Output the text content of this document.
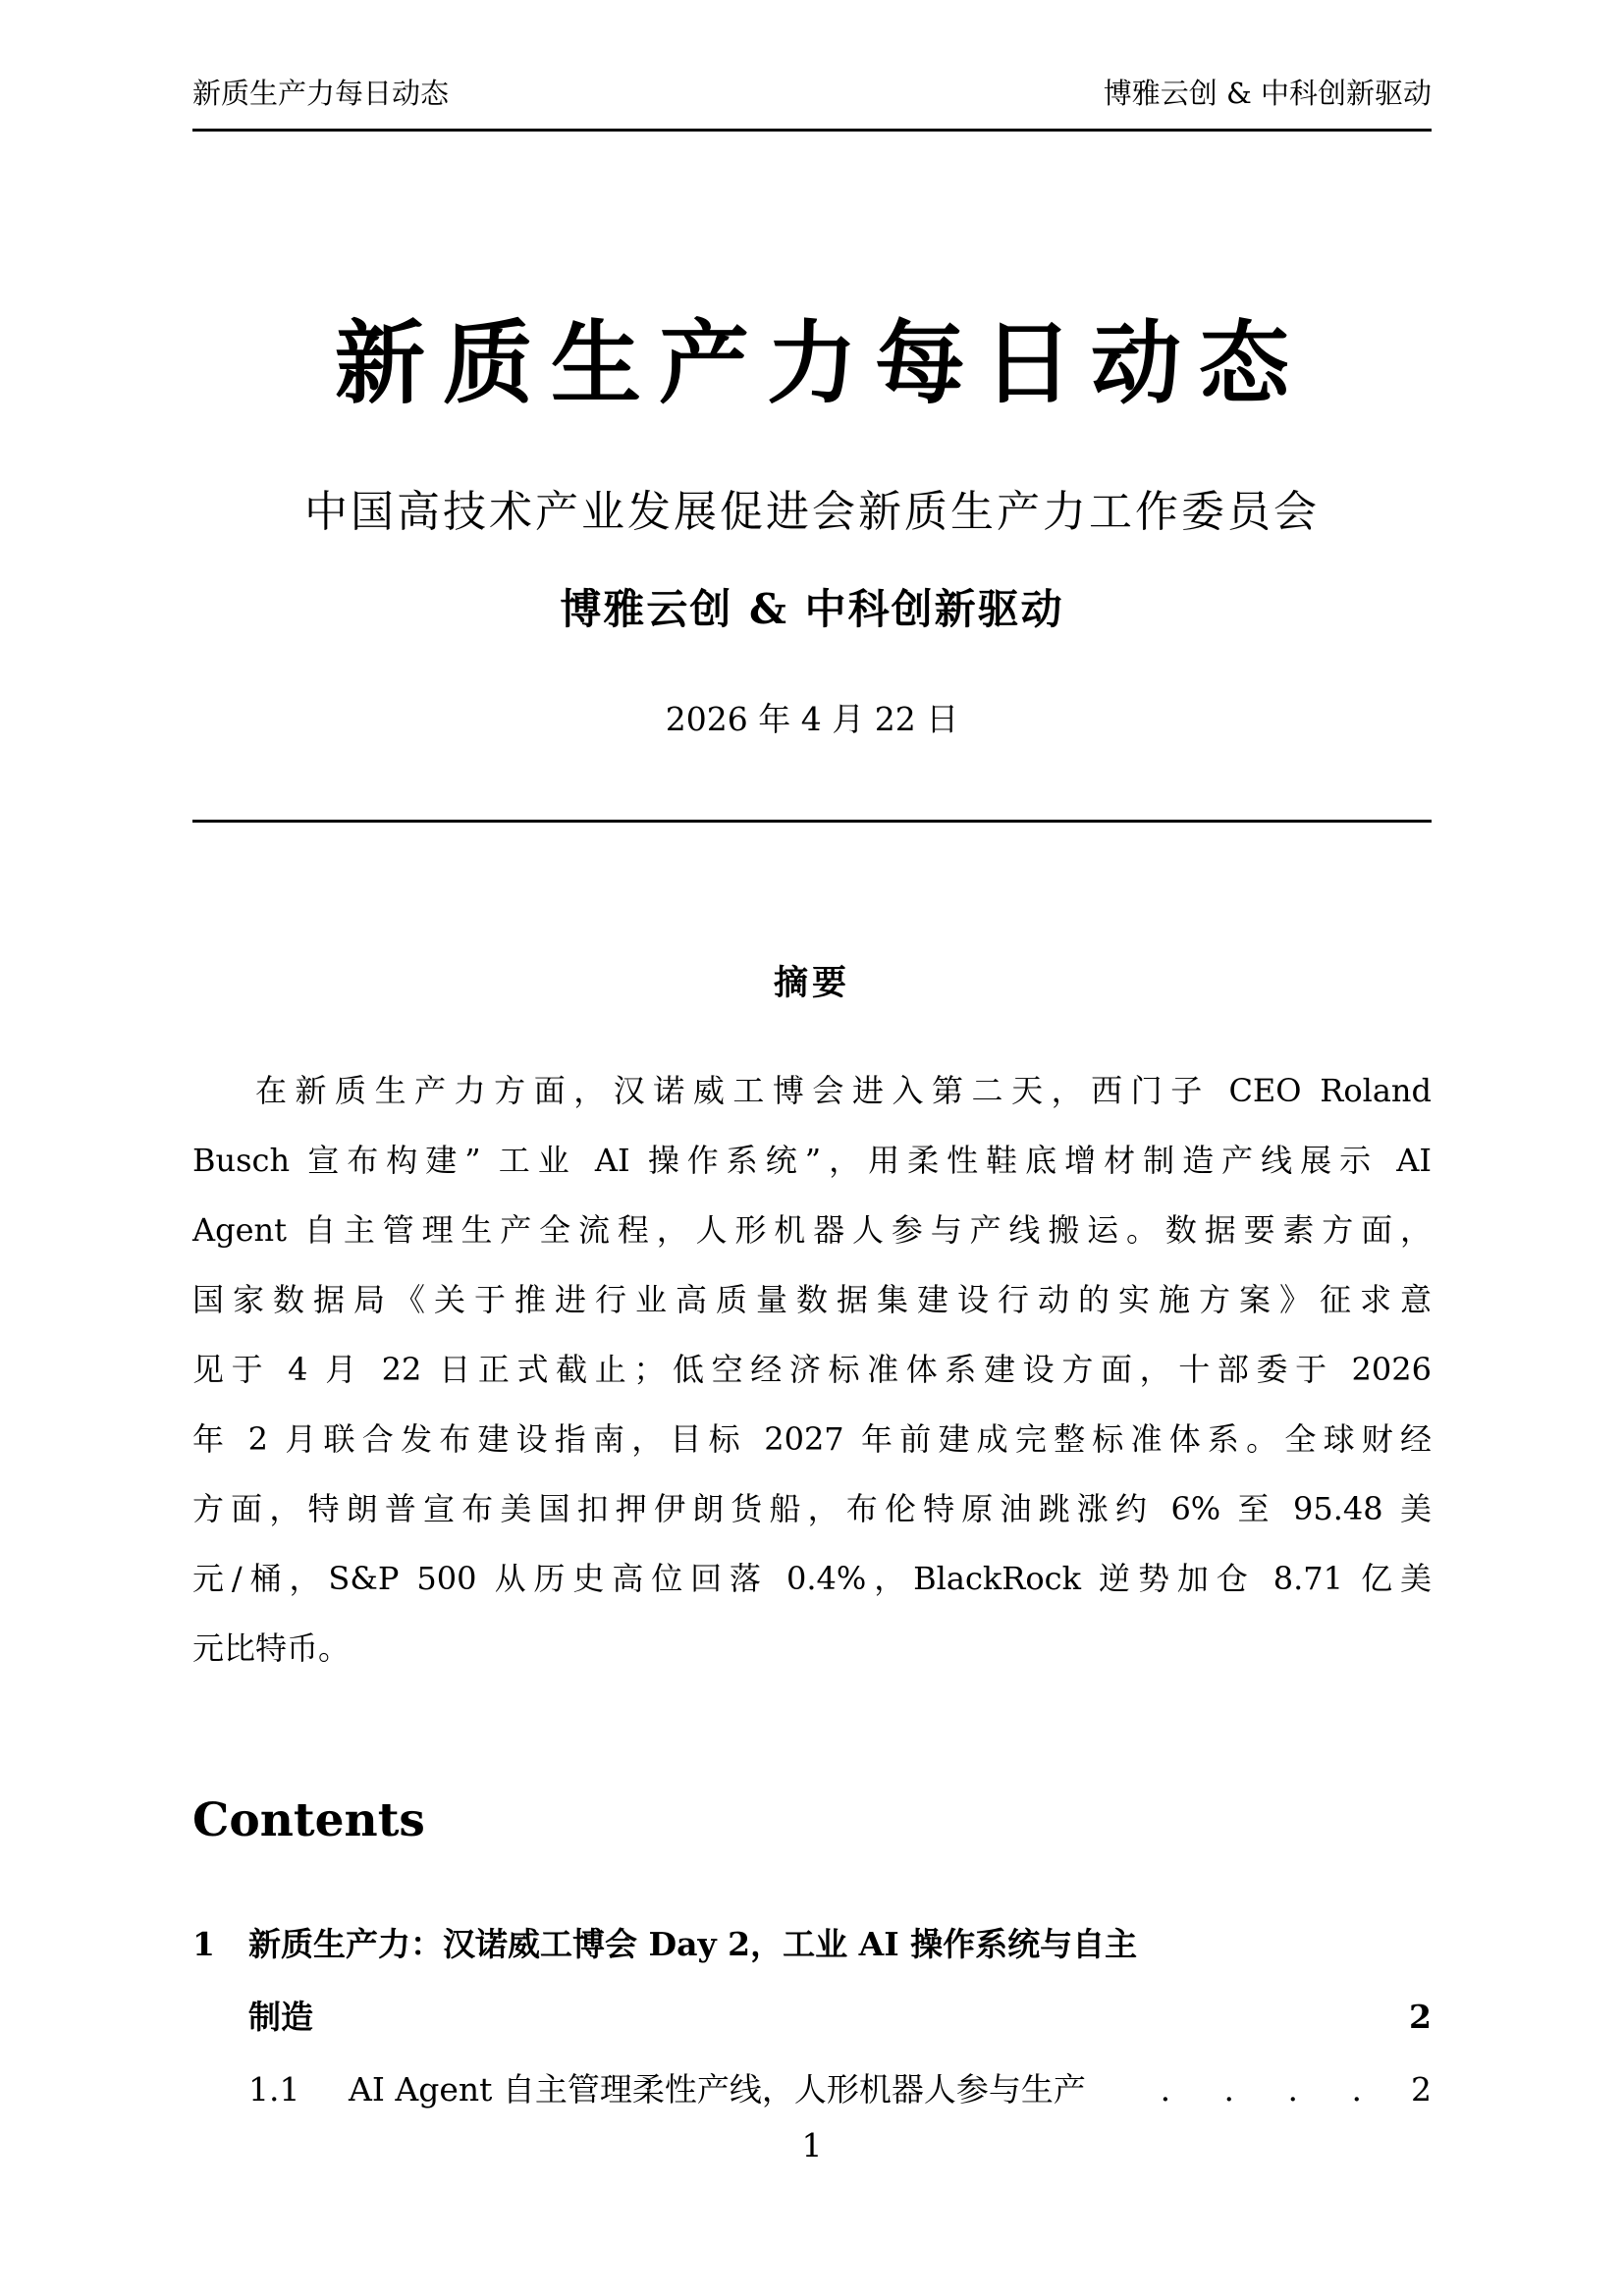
新质生产力每日动态	博雅云创 & 中科创新驱动
新质生产力每日动态
中国高技术产业发展促进会新质生产力工作委员会
博雅云创 & 中科创新驱动
2026 年 4 月 22 日
摘要
在新质生产力方面，汉诺威工博会进入第二天，西门子 CEO Roland
Busch 宣布构建” 工业 AI 操作系统”，用柔性鞋底增材制造产线展示 AI
Agent 自主管理生产全流程，人形机器人参与产线搬运。数据要素方面，
国家数据局《关于推进行业高质量数据集建设行动的实施方案》征求意
见于 4 月 22 日正式截止；低空经济标准体系建设方面，十部委于 2026
年 2 月联合发布建设指南，目标 2027 年前建成完整标准体系。全球财经
方面，特朗普宣布美国扣押伊朗货船，布伦特原油跳涨约 6% 至 95.48 美
元/桶，S&P 500 从历史高位回落 0.4%，BlackRock 逆势加仓 8.71 亿美
元比特币。
Contents
1	新质生产力：汉诺威工博会 Day 2，工业 AI 操作系统与自主
制造	2
1.1	AI Agent 自主管理柔性产线，人形机器人参与生产	. . . . 2
1
